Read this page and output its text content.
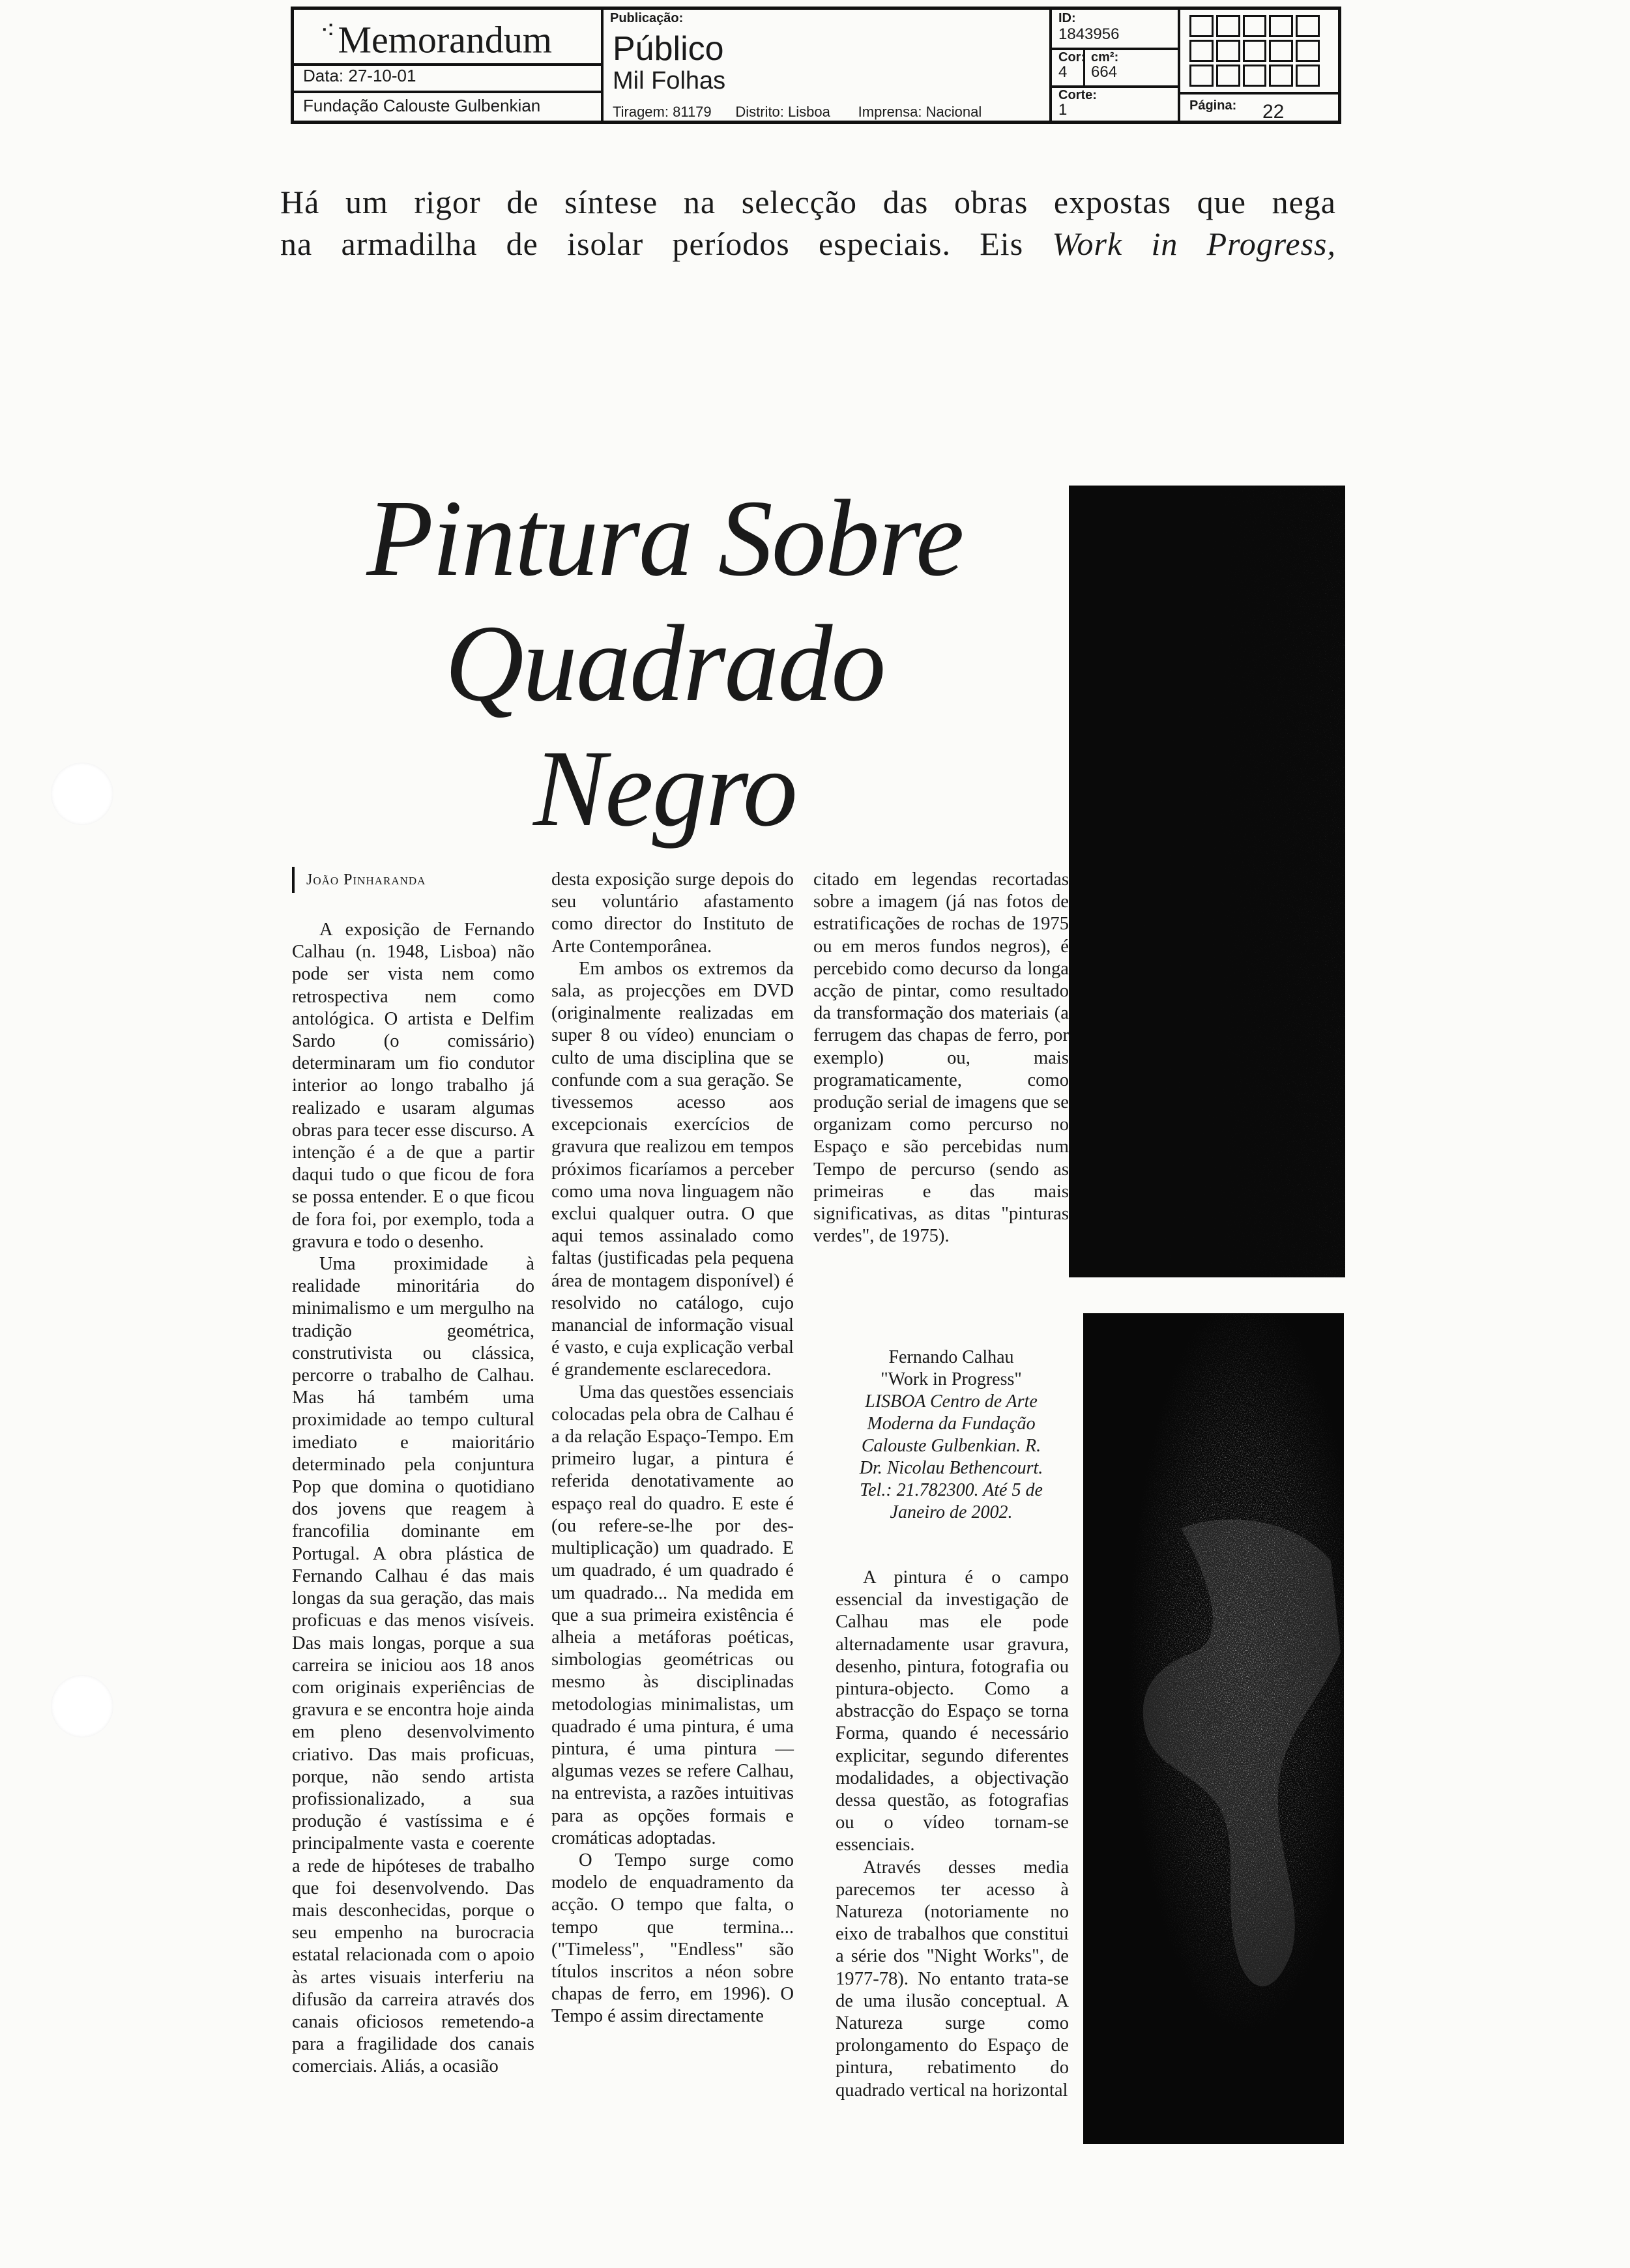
⁖ Memorandum
Data: 27-10-01
Fundação Calouste Gulbenkian
Publicação:
Público
Mil Folhas
Tiragem: 81179 Distrito: Lisboa Imprensa: Nacional
ID:
1843956
Cor:
4
cm²:
664
Corte:
1	Página: 22
Há um rigor de síntese na selecção das obras expostas que nega
na armadilha de isolar períodos especiais. Eis Work in Progress,
Pintura Sobre
Quadrado
Negro
João Pinharanda

A exposição de Fernando Calhau (n. 1948, Lisboa) não pode ser vista nem como retrospectiva nem como antológica. O artista e Delfim Sardo (o comissário) determinaram um fio condutor interior ao longo trabalho já realizado e usaram algumas obras para tecer esse discurso. A intenção é a de que a partir daqui tudo o que ficou de fora se possa entender. E o que ficou de fora foi, por exemplo, toda a gravura e todo o desenho.

Uma proximidade à realidade minoritária do minimalismo e um mergulho na tradição geométrica, construtivista ou clássica, percorre o trabalho de Calhau. Mas há também uma proximidade ao tempo cultural imediato e maioritário determinado pela conjuntura Pop que domina o quotidiano dos jovens que reagem à francofilia dominante em Portugal. A obra plástica de Fernando Calhau é das mais longas da sua geração, das mais proficuas e das menos visíveis. Das mais longas, porque a sua carreira se iniciou aos 18 anos com originais experiências de gravura e se encontra hoje ainda em pleno desenvolvimento criativo. Das mais proficuas, porque, não sendo artista profissionalizado, a sua produção é vastíssima e é principalmente vasta e coerente a rede de hipóteses de trabalho que foi desenvolvendo. Das mais desconhecidas, porque o seu empenho na burocracia estatal relacionada com o apoio às artes visuais interferiu na difusão da carreira através dos canais oficiosos remetendo-a para a fragilidade dos canais comerciais. Aliás, a ocasião

desta exposição surge depois do seu voluntário afastamento como director do Instituto de Arte Contemporânea.

Em ambos os extremos da sala, as projecções em DVD (originalmente realizadas em super 8 ou vídeo) enunciam o culto de uma disciplina que se confunde com a sua geração. Se tivessemos acesso aos excepcionais exercícios de gravura que realizou em tempos próximos ficaríamos a perceber como uma nova linguagem não exclui qualquer outra. O que aqui temos assinalado como faltas (justificadas pela pequena área de montagem disponível) é resolvido no catálogo, cujo manancial de informação visual é vasto, e cuja explicação verbal é grandemente esclarecedora.

Uma das questões essenciais colocadas pela obra de Calhau é a da relação Espaço-Tempo. Em primeiro lugar, a pintura é referida denotativamente ao espaço real do quadro. E este é (ou refere-se-lhe por des-multiplicação) um quadrado. E um quadrado, é um quadrado é um quadrado... Na medida em que a sua primeira existência é alheia a metáforas poéticas, simbologias geométricas ou mesmo às disciplinadas metodologias minimalistas, um quadrado é uma pintura, é uma pintura, é uma pintura — algumas vezes se refere Calhau, na entrevista, a razões intuitivas para as opções formais e cromáticas adoptadas.

O Tempo surge como modelo de enquadramento da acção. O tempo que falta, o tempo que termina... ("Timeless", "Endless" são títulos inscritos a néon sobre chapas de ferro, em 1996). O Tempo é assim directamente

citado em legendas recortadas sobre a imagem (já nas fotos de estratificações de rochas de 1975 ou em meros fundos negros), é percebido como decurso da longa acção de pintar, como resultado da transformação dos materiais (a ferrugem das chapas de ferro, por exemplo) ou, mais programaticamente, como produção serial de imagens que se organizam como percurso no Espaço e são percebidas num Tempo de percurso (sendo as primeiras e das mais significativas, as ditas "pinturas verdes", de 1975).

Fernando Calhau
"Work in Progress"
LISBOA Centro de Arte
Moderna da Fundação
Calouste Gulbenkian. R.
Dr. Nicolau Bethencourt.
Tel.: 21.782300. Até 5 de
Janeiro de 2002.

A pintura é o campo essencial da investigação de Calhau mas ele pode alternadamente usar gravura, desenho, pintura, fotografia ou pintura-objecto. Como a abstracção do Espaço se torna Forma, quando é necessário explicitar, segundo diferentes modalidades, a objectivação dessa questão, as fotografias ou o vídeo tornam-se essenciais.

Através desses media parecemos ter acesso à Natureza (notoriamente no eixo de trabalhos que constitui a série dos "Night Works", de 1977-78). No entanto trata-se de uma ilusão conceptual. A Natureza surge como prolongamento do Espaço de pintura, rebatimento do quadrado vertical na horizontal
